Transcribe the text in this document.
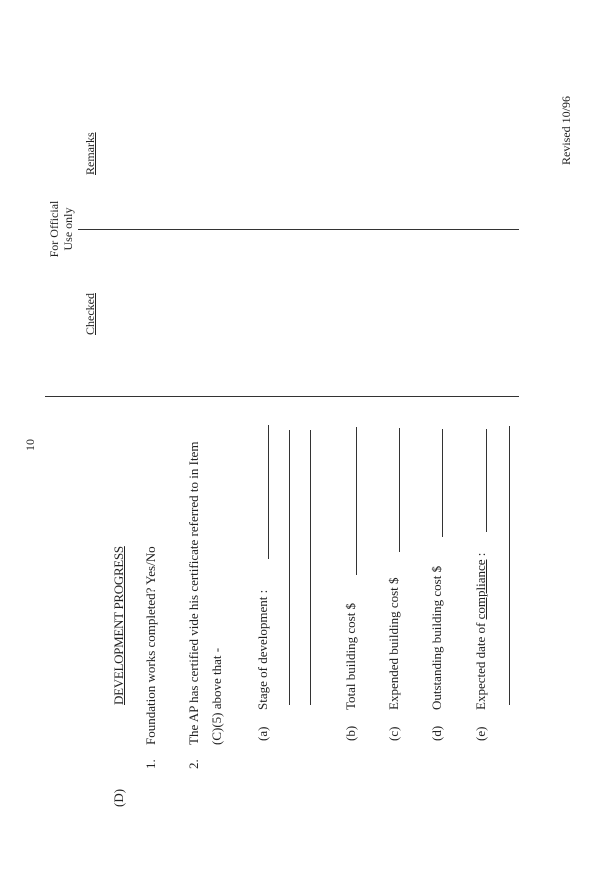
10
For Official Use only
Checked
Remarks
(D)
DEVELOPMENT PROGRESS
1.
Foundation works completed? Yes/No
2.
The AP has certified vide his certificate referred to in Item (C)(5) above that - (a)
Stage of development :
(b)
Total building cost $
(c)
Expended building cost $
(d)
Outstanding building cost $
(e)
Expected date of compliance :
Revised 10/96
